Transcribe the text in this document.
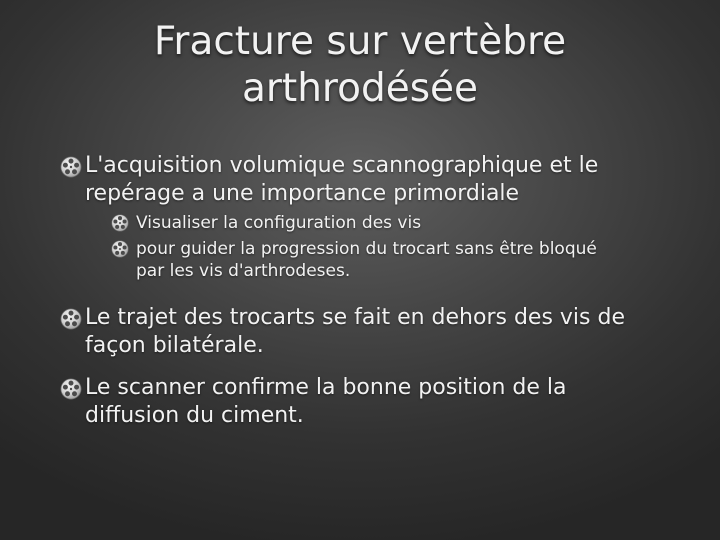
Fracture sur vertèbre
arthrodésée
L'acquisition volumique scannographique et le
repérage a une importance primordiale
Visualiser la configuration des vis
pour guider la progression du trocart sans être bloqué
par les vis d'arthrodeses.
Le trajet des trocarts se fait en dehors des vis de
façon bilatérale.
Le scanner confirme la bonne position de la
diffusion du ciment.
